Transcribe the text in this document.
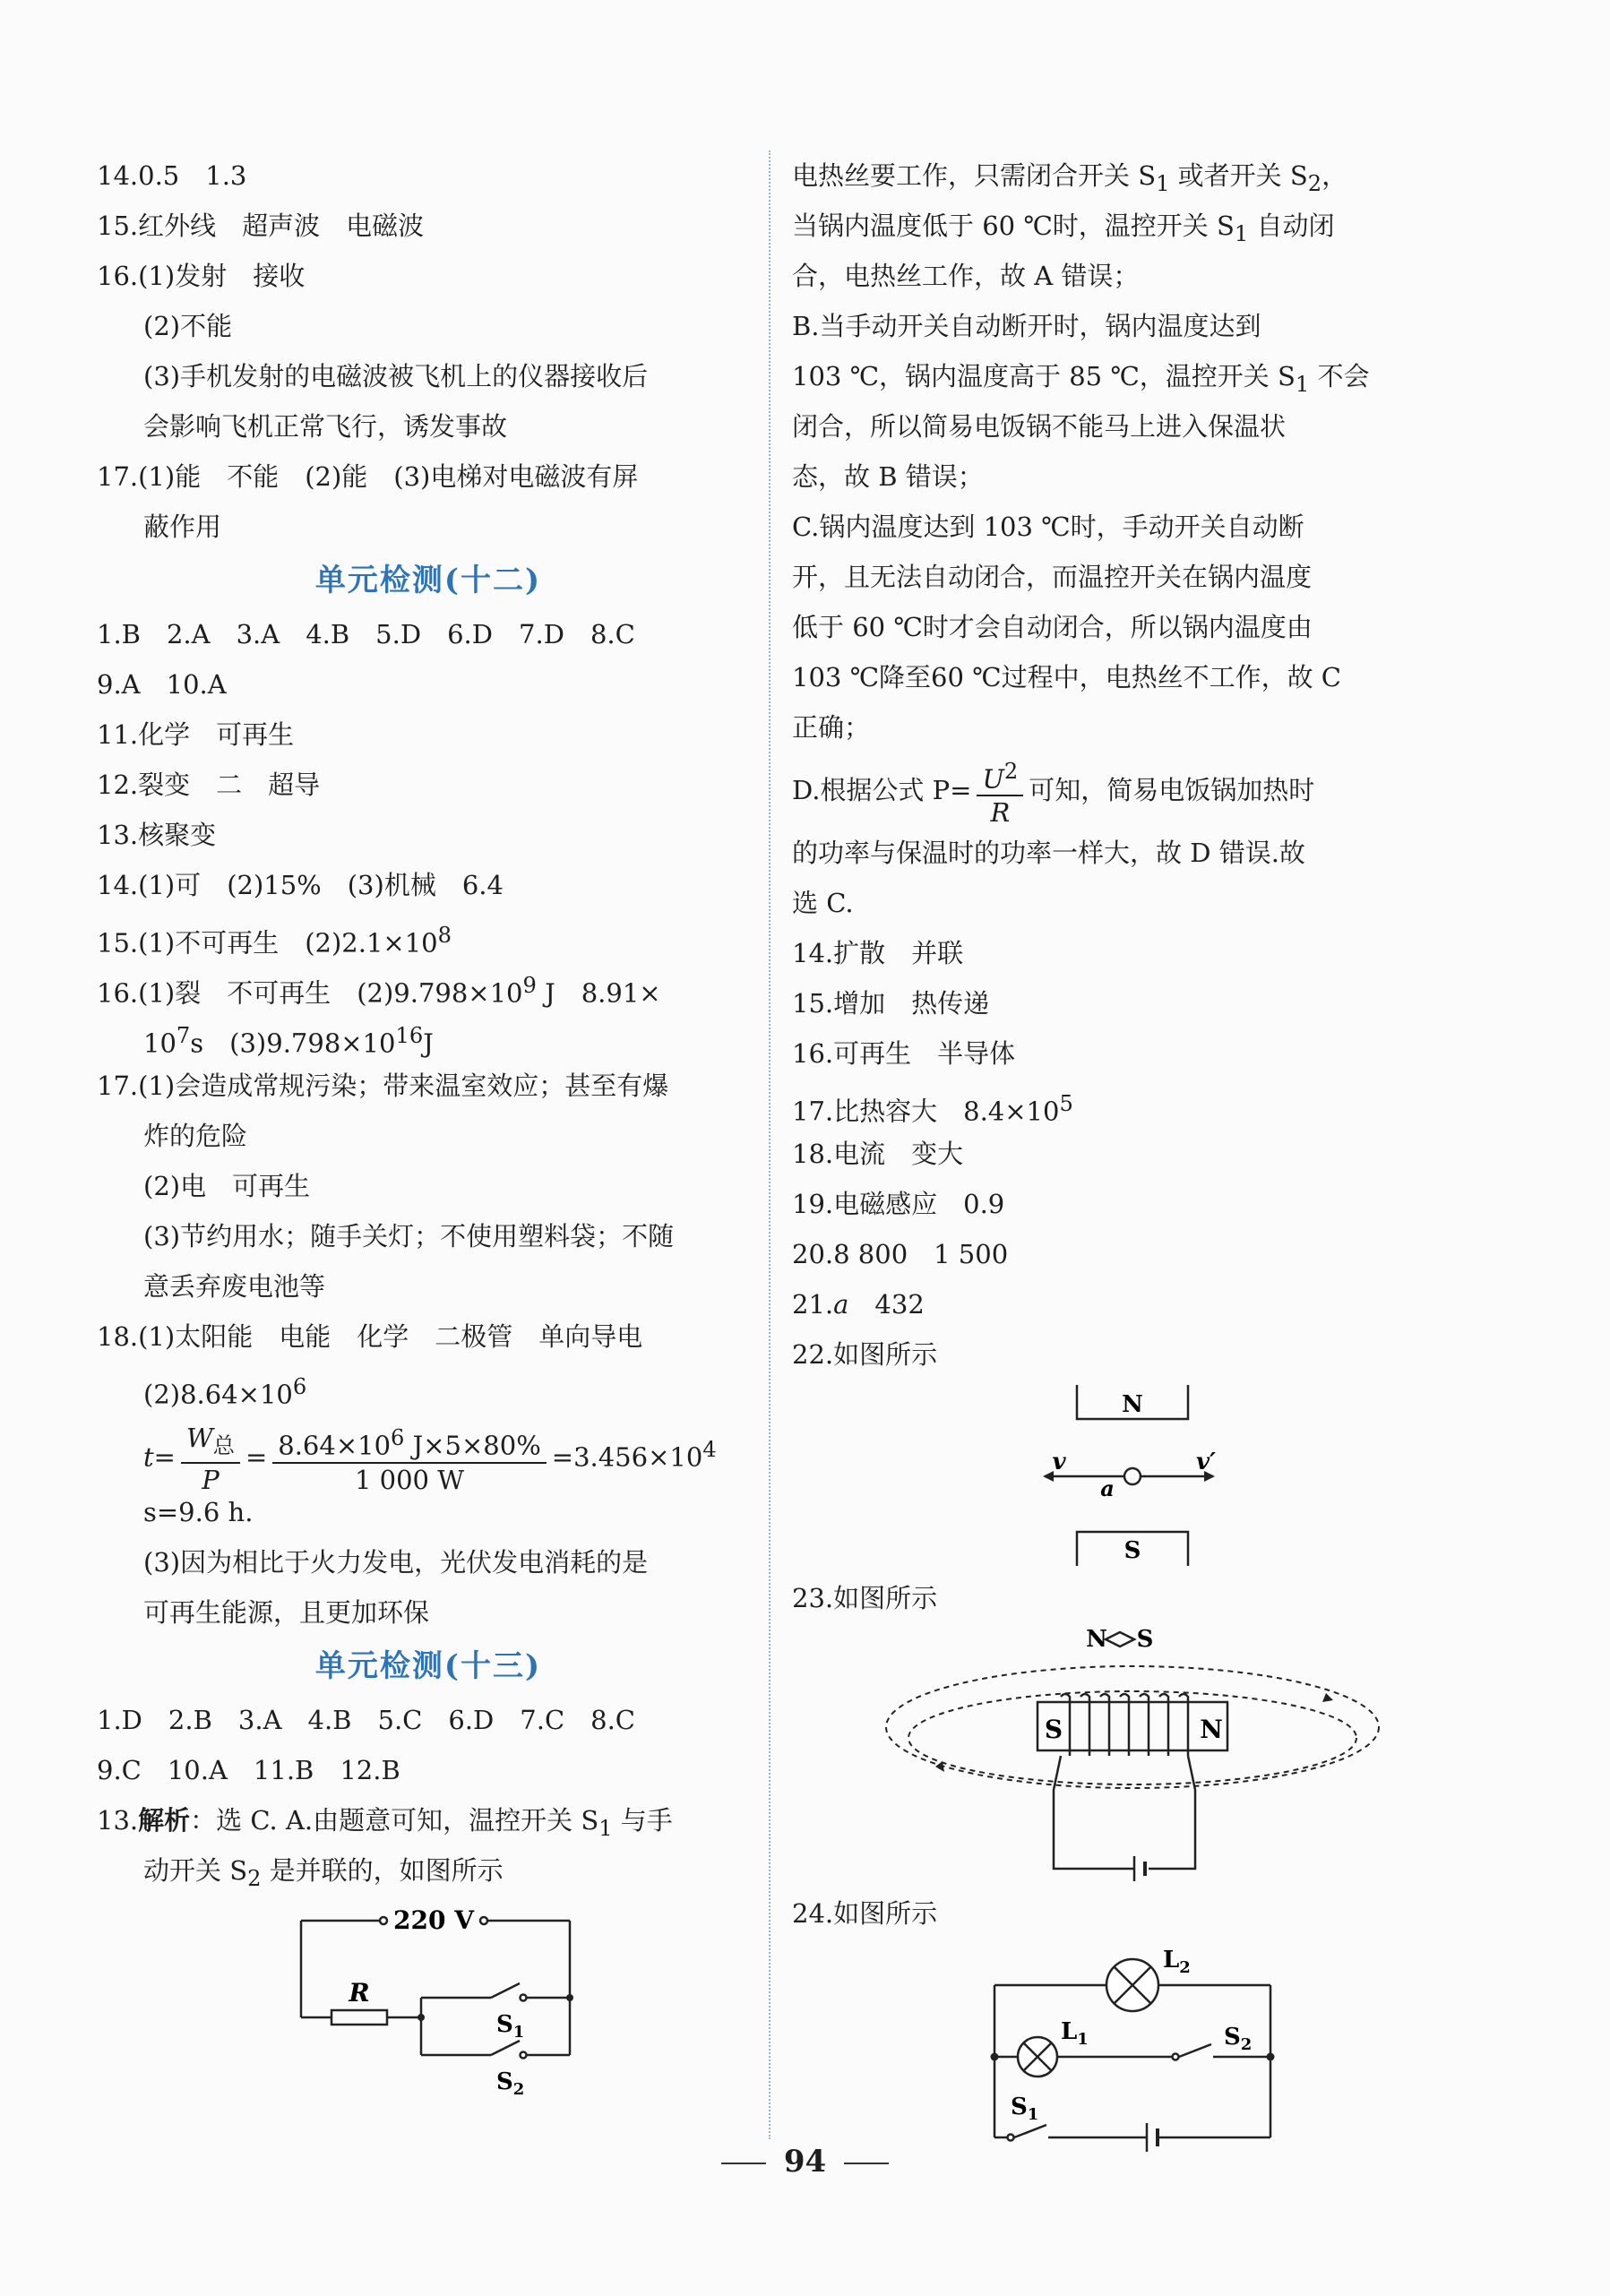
14.0.5　1.3
15.红外线　超声波　电磁波
16.(1)发射　接收
(2)不能
(3)手机发射的电磁波被飞机上的仪器接收后
会影响飞机正常飞行，诱发事故
17.(1)能　不能　(2)能　(3)电梯对电磁波有屏
蔽作用
单元检测(十二)
1.B　2.A　3.A　4.B　5.D　6.D　7.D　8.C
9.A　10.A
11.化学　可再生
12.裂变　二　超导
13.核聚变
14.(1)可　(2)15%　(3)机械　6.4
15.(1)不可再生　$(2)2.1\times 10^8$
16.(1)裂　不可再生　$(2)9.798\times 10^9$ J　8.91×
$10^7s$　$(3)9.798\times 10^{16}J$
17.(1)会造成常规污染；带来温室效应；甚至有爆
炸的危险
(2)电　可再生
(3)节约用水；随手关灯；不使用塑料袋；不随
意丢弃废电池等
18.(1)太阳能　电能　化学　二极管　单向导电
$(2)8.64\times 10^6$
$t= \frac{W_总}{P} = \frac{8.64\times 10^6 J\times 5\times 80\%}{1 000 W} =3.456\times 10^4$
s=9.6 h.
(3)因为相比于火力发电，光伏发电消耗的是
可再生能源，且更加环保
单元检测(十三)
1.D　2.B　3.A　4.B　5.C　6.D　7.C　8.C
9.C　10.A　11.B　12.B
13.解析：选 C. A.由题意可知，温控开关 $S_1$ 与手
动开关 $S_2$ 是并联的，如图所示
220 V
R
$S_1$
$S_2$
电热丝要工作，只需闭合开关 $S_1$ 或者开关 $S_2$，
当锅内温度低于 60 ℃时，温控开关 $S_1$ 自动闭
合，电热丝工作，故 A 错误；
B.当手动开关自动断开时，锅内温度达到
103 ℃，锅内温度高于 85 ℃，温控开关 $S_1$ 不会
闭合，所以简易电饭锅不能马上进入保温状
态，故 B 错误；
C.锅内温度达到 103 ℃时，手动开关自动断
开，且无法自动闭合，而温控开关在锅内温度
低于 60 ℃时才会自动闭合，所以锅内温度由
103 ℃降至60 ℃过程中，电热丝不工作，故 C
正确；
D.根据公式 $P= \frac{U^2}{R}$ 可知，简易电饭锅加热时
的功率与保温时的功率一样大，故 D 错误.故
选 C.
14.扩散　并联
15.增加　热传递
16.可再生　半导体
17.比热容大　$8.4\times 10^5$
18.电流　变大
19.电磁感应　0.9
20.8 800　1 500
21.a　432
22.如图所示
N
S
v	v′
a
23.如图所示
S	N
N S
24.如图所示
$L_2$
$L_1$	$S_2$
$S_1$
94
